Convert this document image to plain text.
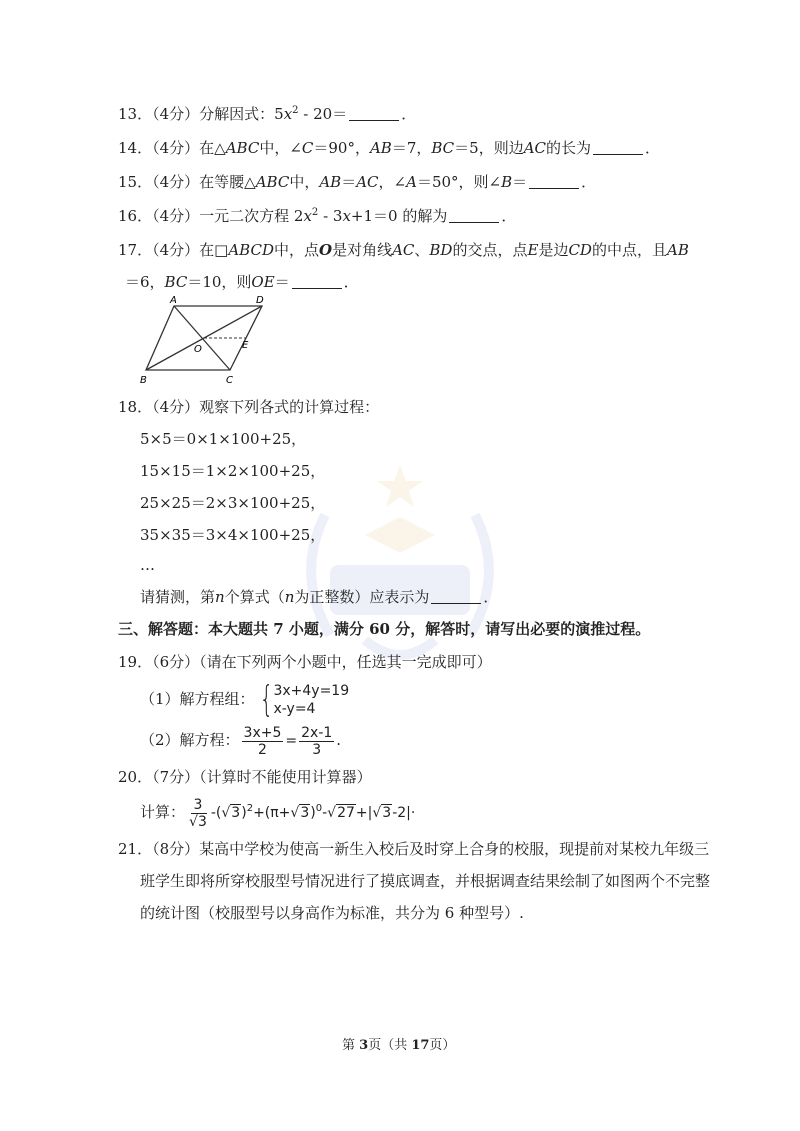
13．（4分）分解因式：$5x^2 - 20=$	．
14．（4分）在△ABC中，∠C＝90°，AB＝7，BC＝5，则边AC的长为	．
15．（4分）在等腰△ABC中，AB＝AC，∠A＝50°，则∠B＝	．
16．（4分）一元二次方程 $2x^2 - 3x+1=0$ 的解为	．
17．（4分）在□ABCD中，点O是对角线AC、BD的交点，点E是边CD的中点，且AB
＝6，BC＝10，则OE＝	．
A	D
O	E
B	C
18．（4分）观察下列各式的计算过程：
5×5＝0×1×100+25，
15×15＝1×2×100+25，
25×25＝2×3×100+25，
35×35＝3×4×100+25，
…
请猜测，第n个算式（n为正整数）应表示为	．
三、解答题：本大题共 7 小题，满分 60 分，解答时，请写出必要的演推过程。
19．（6分）（请在下列两个小题中，任选其一完成即可）
（1）解方程组： { 3x+4y=19
x-y=4
（2）解方程： $\frac{3x+5}{2} = \frac{2x-1}{3}$ .
20．（7分）（计算时不能使用计算器）
计算： $\frac{3}{√3} -(√3)^2+(\pi+√3)^0-√27+|√3-2|\cdot$
21．（8分）某高中学校为使高一新生入校后及时穿上合身的校服，现提前对某校九年级三
班学生即将所穿校服型号情况进行了摸底调查，并根据调查结果绘制了如图两个不完整
的统计图（校服型号以身高作为标准，共分为 6 种型号）.
第 3页（共 17页）
